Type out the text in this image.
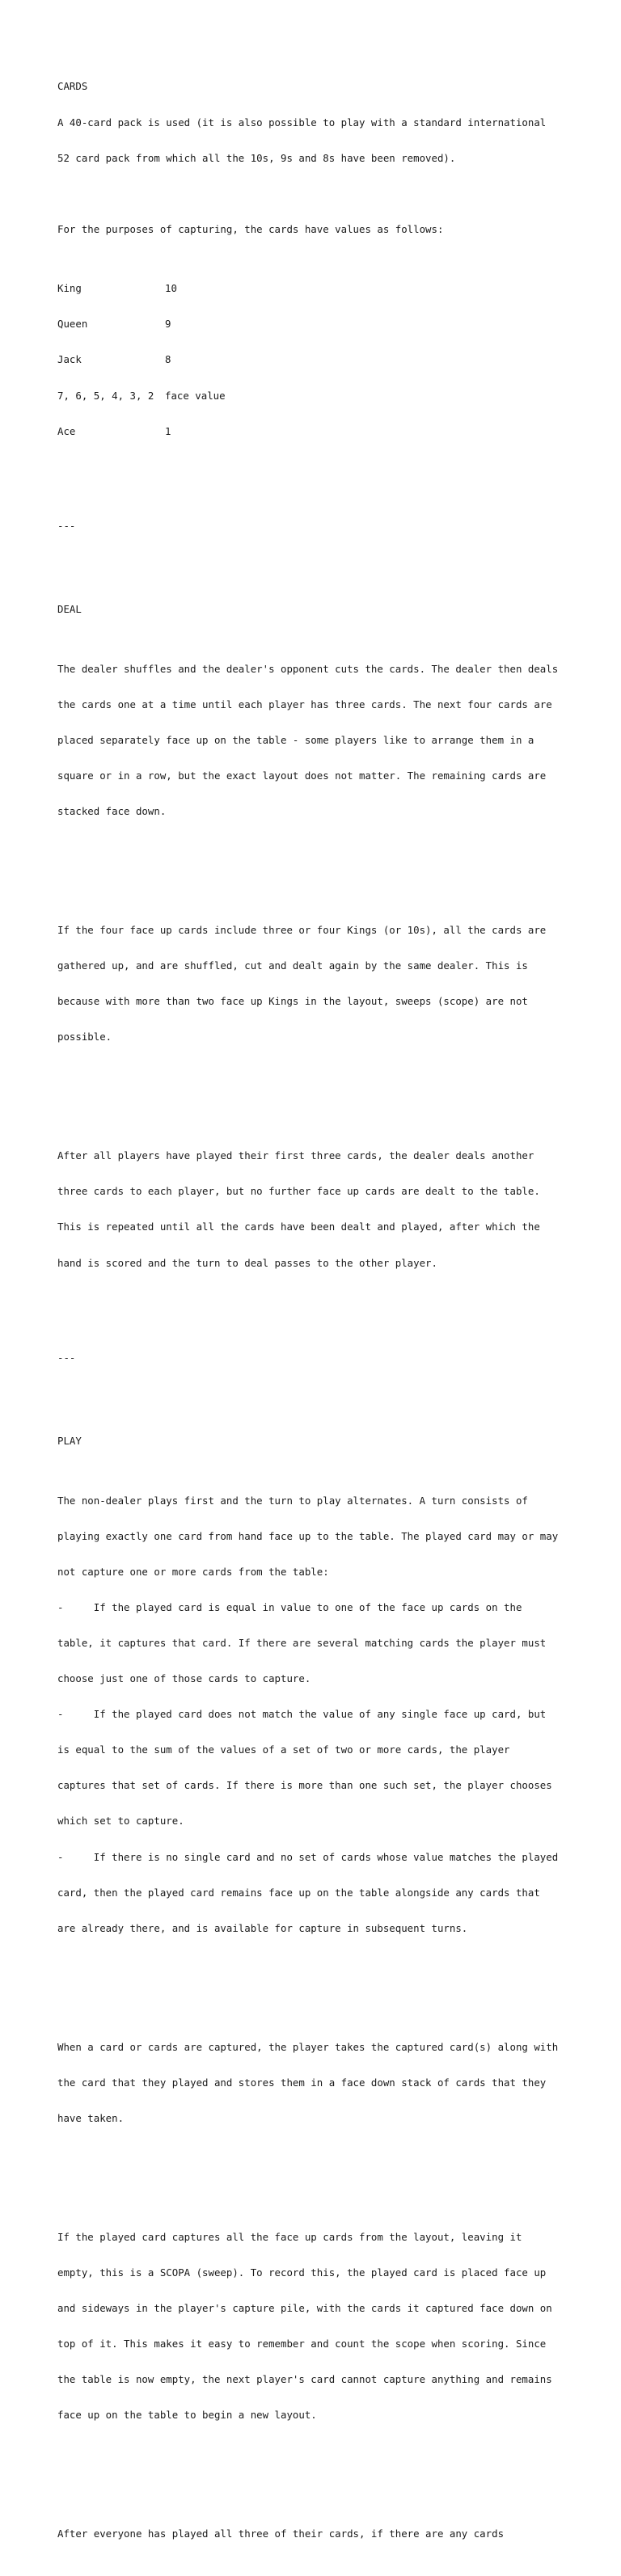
CARDS

A 40-card pack is used (it is also possible to play with a standard international

52 card pack from which all the 10s, 9s and 8s have been removed).

For the purposes of capturing, the cards have values as follows:

King	10

Queen	9

Jack	8

7, 6, 5, 4, 3, 2	face value

Ace	1

---

DEAL

The dealer shuffles and the dealer's opponent cuts the cards. The dealer then deals

the cards one at a time until each player has three cards. The next four cards are

placed separately face up on the table - some players like to arrange them in a

square or in a row, but the exact layout does not matter. The remaining cards are

stacked face down.

If the four face up cards include three or four Kings (or 10s), all the cards are

gathered up, and are shuffled, cut and dealt again by the same dealer. This is

because with more than two face up Kings in the layout, sweeps (scope) are not

possible.

After all players have played their first three cards, the dealer deals another

three cards to each player, but no further face up cards are dealt to the table.

This is repeated until all the cards have been dealt and played, after which the

hand is scored and the turn to deal passes to the other player.

---

PLAY

The non-dealer plays first and the turn to play alternates. A turn consists of

playing exactly one card from hand face up to the table. The played card may or may

not capture one or more cards from the table:

-     If the played card is equal in value to one of the face up cards on the

table, it captures that card. If there are several matching cards the player must

choose just one of those cards to capture.

-     If the played card does not match the value of any single face up card, but

is equal to the sum of the values of a set of two or more cards, the player

captures that set of cards. If there is more than one such set, the player chooses

which set to capture.

-     If there is no single card and no set of cards whose value matches the played

card, then the played card remains face up on the table alongside any cards that

are already there, and is available for capture in subsequent turns.

When a card or cards are captured, the player takes the captured card(s) along with

the card that they played and stores them in a face down stack of cards that they

have taken.

If the played card captures all the face up cards from the layout, leaving it

empty, this is a SCOPA (sweep). To record this, the played card is placed face up

and sideways in the player's capture pile, with the cards it captured face down on

top of it. This makes it easy to remember and count the scope when scoring. Since

the table is now empty, the next player's card cannot capture anything and remains

face up on the table to begin a new layout.

After everyone has played all three of their cards, if there are any cards
